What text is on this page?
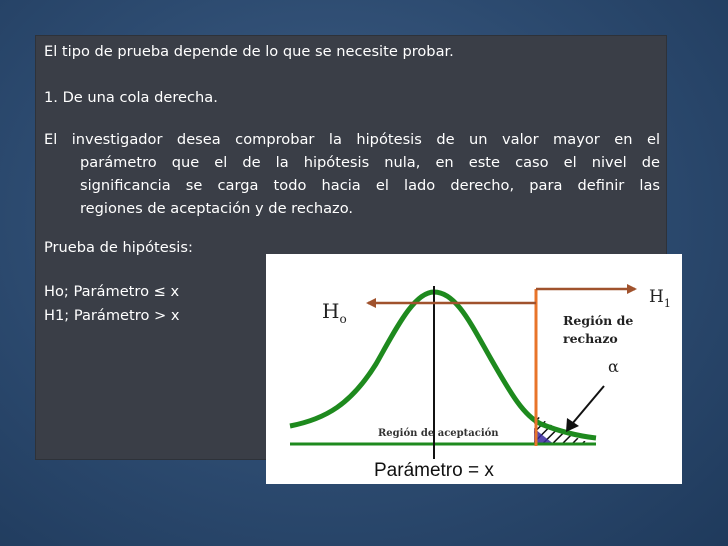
El tipo de prueba depende de lo que se necesite probar.

1. De una cola derecha.

El investigador desea comprobar la hipótesis de un valor mayor en el
parámetro que el de la hipótesis nula, en este caso el nivel de
significancia se carga todo hacia el lado derecho, para definir las
regiones de aceptación y de rechazo.

Prueba de hipótesis:

Ho; Parámetro ≤ x

H1; Parámetro > x	$H_o$
$H_1$
Región de
rechazo
α
Región de aceptación
Parámetro = x
